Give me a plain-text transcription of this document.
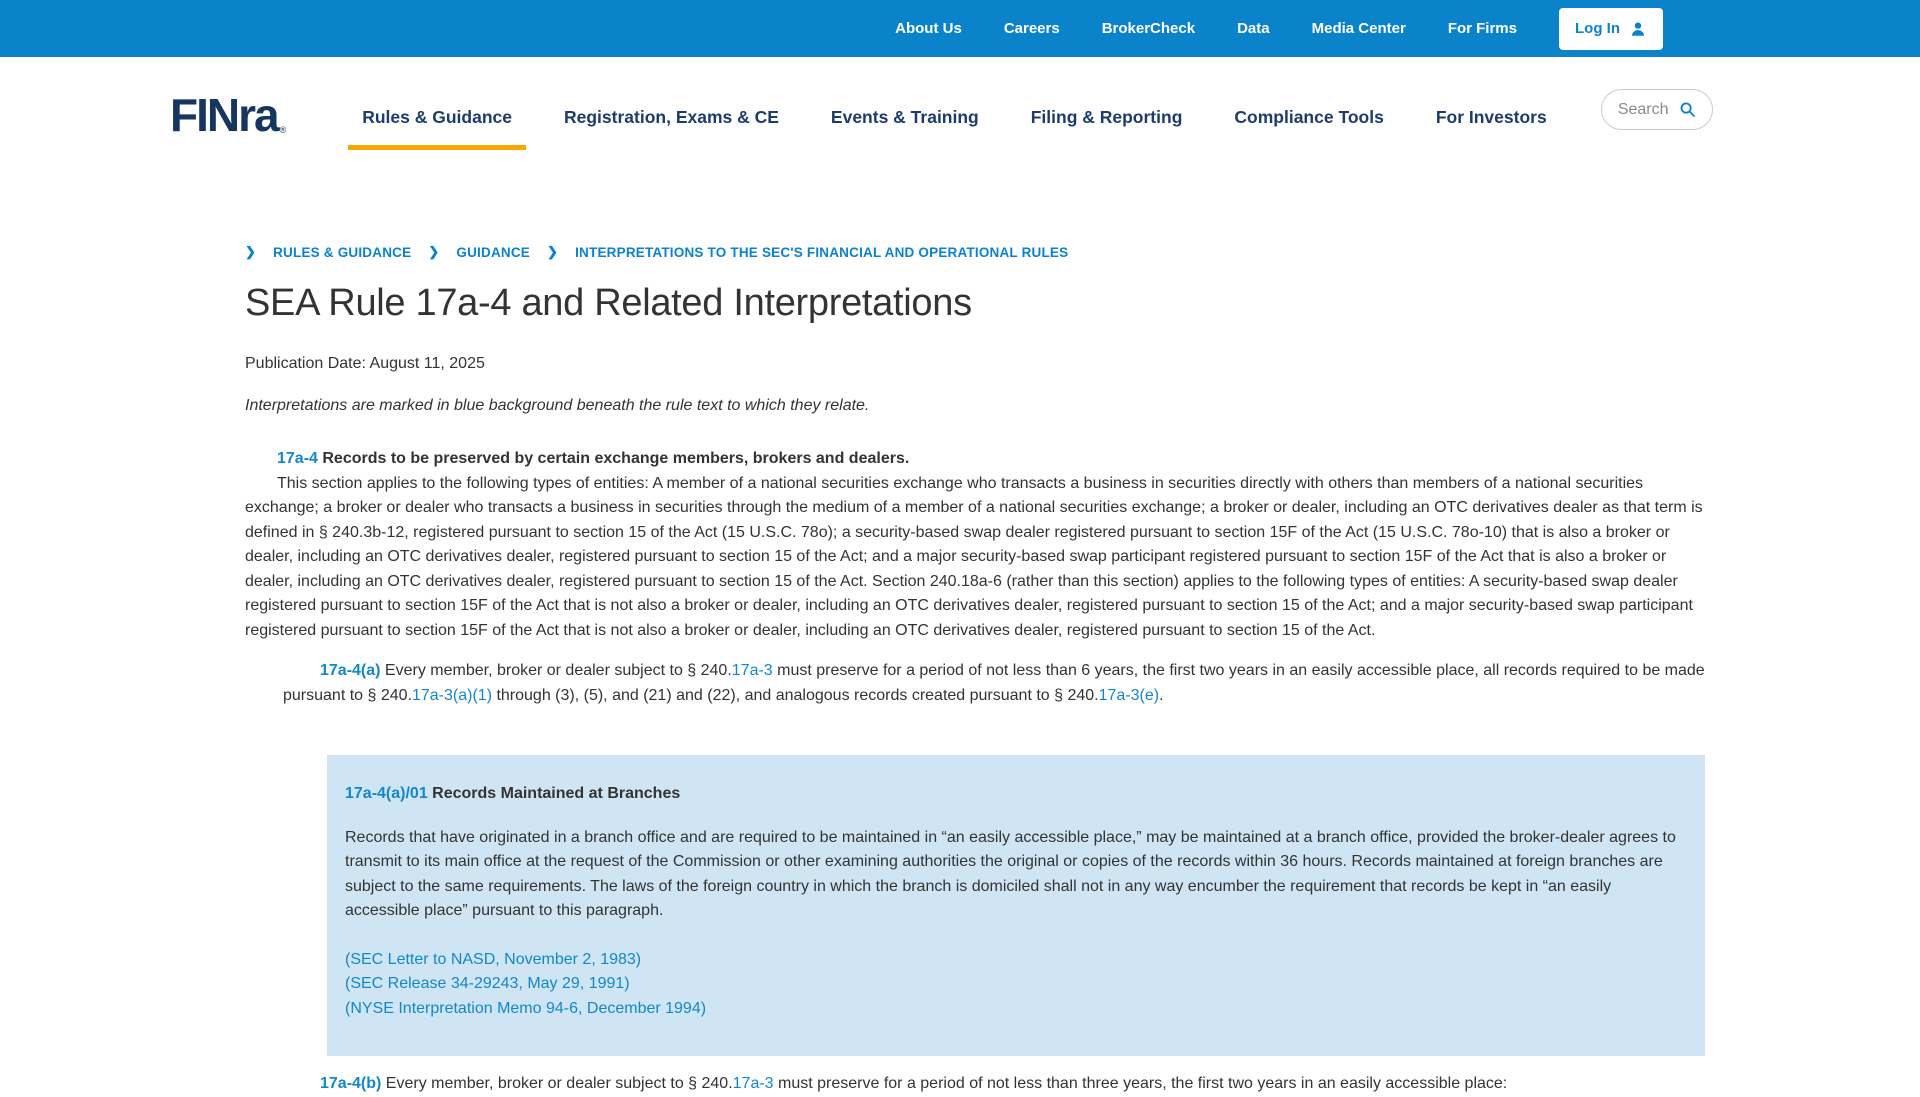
About Us	Careers	BrokerCheck	Data	Media Center	For Firms	Log In
FINra ®
Rules & Guidance	Registration, Exams & CE	Events & Training	Filing & Reporting	Compliance Tools	For Investors	Search
❯ RULES & GUIDANCE ❯ GUIDANCE ❯ INTERPRETATIONS TO THE SEC'S FINANCIAL AND OPERATIONAL RULES
SEA Rule 17a-4 and Related Interpretations
Publication Date: August 11, 2025
Interpretations are marked in blue background beneath the rule text to which they relate.
17a-4 Records to be preserved by certain exchange members, brokers and dealers.
This section applies to the following types of entities: A member of a national securities exchange who transacts a business in securities directly with others than members of a national securities exchange; a broker or dealer who transacts a business in securities through the medium of a member of a national securities exchange; a broker or dealer, including an OTC derivatives dealer as that term is defined in § 240.3b-12, registered pursuant to section 15 of the Act (15 U.S.C. 78o); a security-based swap dealer registered pursuant to section 15F of the Act (15 U.S.C. 78o-10) that is also a broker or dealer, including an OTC derivatives dealer, registered pursuant to section 15 of the Act; and a major security-based swap participant registered pursuant to section 15F of the Act that is also a broker or dealer, including an OTC derivatives dealer, registered pursuant to section 15 of the Act. Section 240.18a-6 (rather than this section) applies to the following types of entities: A security-based swap dealer registered pursuant to section 15F of the Act that is not also a broker or dealer, including an OTC derivatives dealer, registered pursuant to section 15 of the Act; and a major security-based swap participant registered pursuant to section 15F of the Act that is not also a broker or dealer, including an OTC derivatives dealer, registered pursuant to section 15 of the Act.
17a-4(a) Every member, broker or dealer subject to § 240.17a-3 must preserve for a period of not less than 6 years, the first two years in an easily accessible place, all records required to be made pursuant to § 240.17a-3(a)(1) through (3), (5), and (21) and (22), and analogous records created pursuant to § 240.17a-3(e).
17a-4(a)/01 Records Maintained at Branches
Records that have originated in a branch office and are required to be maintained in “an easily accessible place,” may be maintained at a branch office, provided the broker-dealer agrees to transmit to its main office at the request of the Commission or other examining authorities the original or copies of the records within 36 hours. Records maintained at foreign branches are subject to the same requirements. The laws of the foreign country in which the branch is domiciled shall not in any way encumber the requirement that records be kept in “an easily accessible place” pursuant to this paragraph.
(SEC Letter to NASD, November 2, 1983)
(SEC Release 34-29243, May 29, 1991)
(NYSE Interpretation Memo 94-6, December 1994)
17a-4(b) Every member, broker or dealer subject to § 240.17a-3 must preserve for a period of not less than three years, the first two years in an easily accessible place:
